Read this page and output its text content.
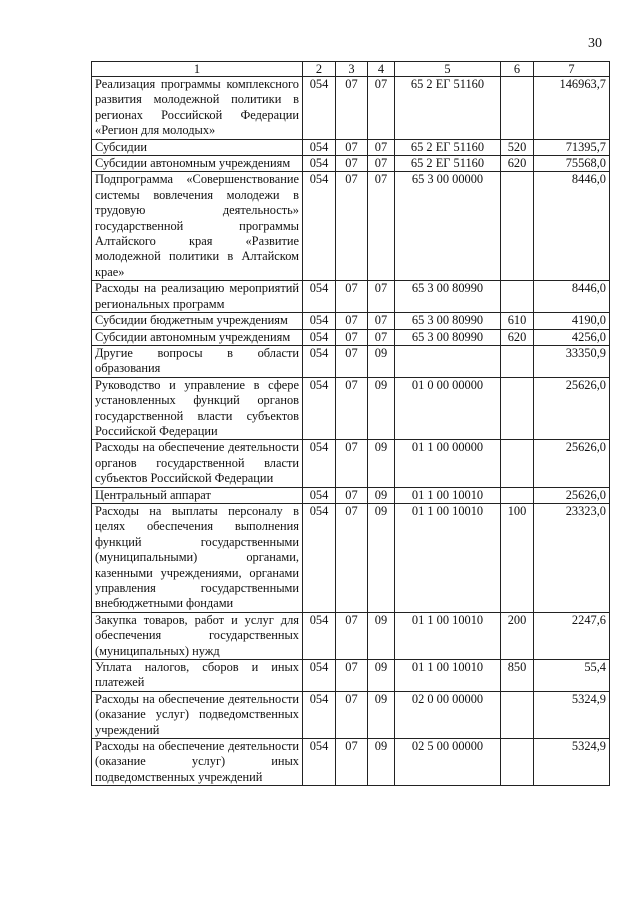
30
1	2	3	4	5	6	7
Реализация программы комплексного развития молодежной политики в регионах Российской Федерации «Регион для молодых»	054	07	07	65 2 ЕГ 51160		146963,7
Субсидии	054	07	07	65 2 ЕГ 51160	520	71395,7
Субсидии автономным учреждениям	054	07	07	65 2 ЕГ 51160	620	75568,0
Подпрограмма «Совершенствование системы вовлечения молодежи в трудовую деятельность» государственной программы Алтайского края «Развитие молодежной политики в Алтайском крае»	054	07	07	65 3 00 00000		8446,0
Расходы на реализацию мероприятий региональных программ	054	07	07	65 3 00 80990		8446,0
Субсидии бюджетным учреждениям	054	07	07	65 3 00 80990	610	4190,0
Субсидии автономным учреждениям	054	07	07	65 3 00 80990	620	4256,0
Другие вопросы в области образования	054	07	09			33350,9
Руководство и управление в сфере установленных функций органов государственной власти субъектов Российской Федерации	054	07	09	01 0 00 00000		25626,0
Расходы на обеспечение деятельности органов государственной власти субъектов Российской Федерации	054	07	09	01 1 00 00000		25626,0
Центральный аппарат	054	07	09	01 1 00 10010		25626,0
Расходы на выплаты персоналу в целях обеспечения выполнения функций государственными (муниципальными) органами, казенными учреждениями, органами управления государственными внебюджетными фондами	054	07	09	01 1 00 10010	100	23323,0
Закупка товаров, работ и услуг для обеспечения государственных (муниципальных) нужд	054	07	09	01 1 00 10010	200	2247,6
Уплата налогов, сборов и иных платежей	054	07	09	01 1 00 10010	850	55,4
Расходы на обеспечение деятельности (оказание услуг) подведомственных учреждений	054	07	09	02 0 00 00000		5324,9
Расходы на обеспечение деятельности (оказание услуг) иных подведомственных учреждений	054	07	09	02 5 00 00000		5324,9
